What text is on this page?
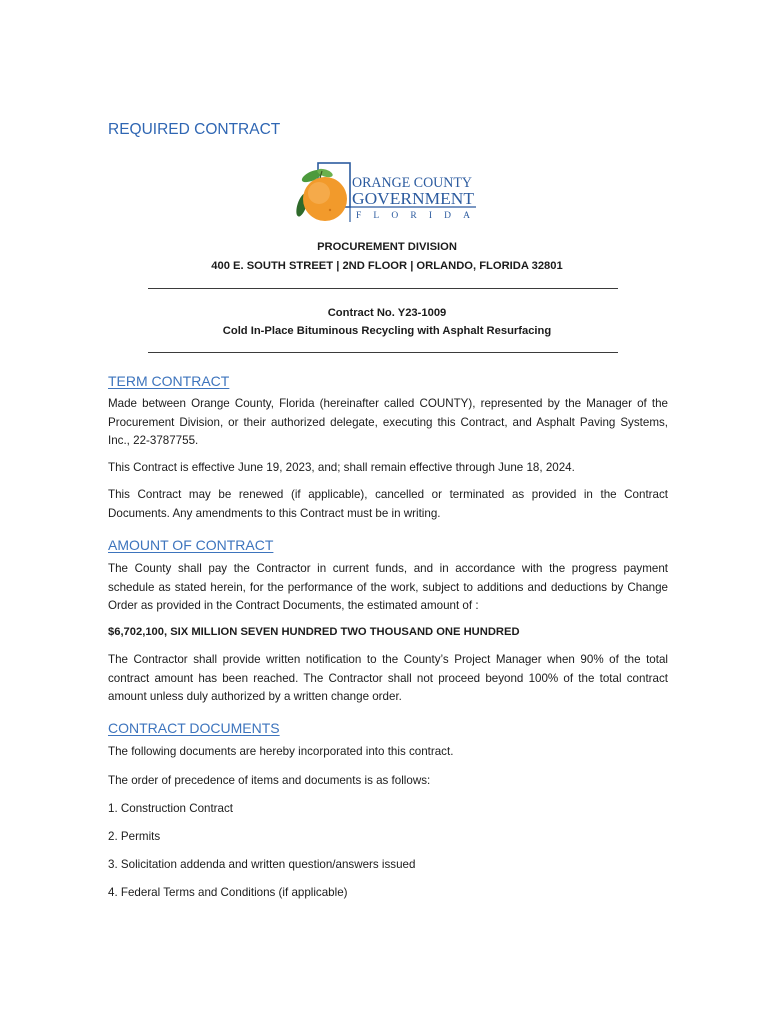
REQUIRED CONTRACT
ORANGE COUNTY
GOVERNMENT
FLORIDA
PROCUREMENT DIVISION
400 E. SOUTH STREET | 2ND FLOOR | ORLANDO, FLORIDA 32801
Contract No. Y23-1009
Cold In-Place Bituminous Recycling with Asphalt Resurfacing
TERM CONTRACT
Made between Orange County, Florida (hereinafter called COUNTY), represented by the Manager of the
Procurement Division, or their authorized delegate, executing this Contract, and Asphalt Paving Systems,
Inc., 22-3787755.
This Contract is effective June 19, 2023, and; shall remain effective through June 18, 2024.
This Contract may be renewed (if applicable), cancelled or terminated as provided in the Contract
Documents. Any amendments to this Contract must be in writing.
AMOUNT OF CONTRACT
The County shall pay the Contractor in current funds, and in accordance with the progress payment
schedule as stated herein, for the performance of the work, subject to additions and deductions by Change
Order as provided in the Contract Documents, the estimated amount of :
$6,702,100, SIX MILLION SEVEN HUNDRED TWO THOUSAND ONE HUNDRED
The Contractor shall provide written notification to the County’s Project Manager when 90% of the total
contract amount has been reached. The Contractor shall not proceed beyond 100% of the total contract
amount unless duly authorized by a written change order.
CONTRACT DOCUMENTS
The following documents are hereby incorporated into this contract.
The order of precedence of items and documents is as follows:
1. Construction Contract
2. Permits
3. Solicitation addenda and written question/answers issued
4. Federal Terms and Conditions (if applicable)
